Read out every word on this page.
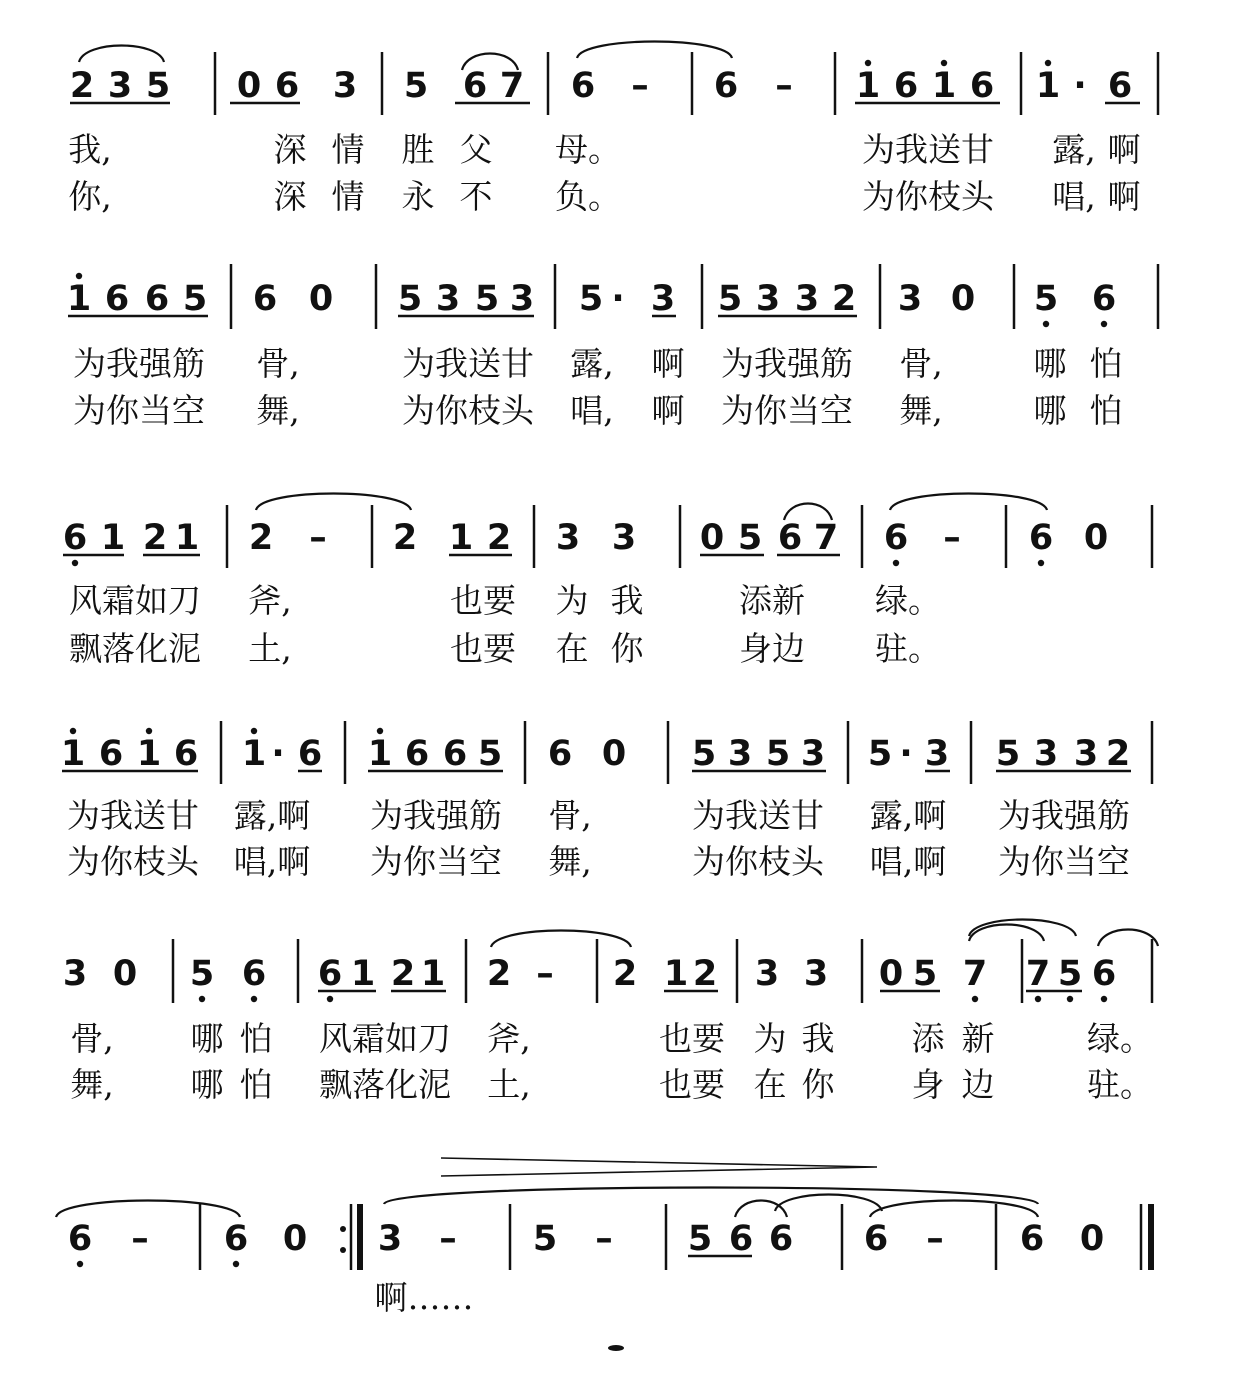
2 3 5 0 6 3 5 6 7 6 – 6 – 1 6 1 6 1 · 6
我,	深 情 胜 父 母。	为我送甘 露, 啊
你,	深 情 永 不 负。	为你枝头 唱, 啊
1 6 6 5 6 0 5 3 5 3 5 · 3 5 3 3 2 3 0 5 6
为我强筋 骨,	为我送甘 露, 啊 为我强筋 骨,	哪 怕
为你当空 舞,	为你枝头 唱, 啊 为你当空 舞,	哪 怕
6 1 2 1 2 – 2 1 2 3 3 0 5 6 7 6 – 6 0
风霜如刀 斧,	也要 为 我	添新 绿。
飘落化泥 土,	也要 在 你	身边 驻。
1 6 1 6 1 · 6 1 6 6 5 6 0 5 3 5 3 5 · 3 5 3 3 2
为我送甘 露,啊 为我强筋 骨,	为我送甘 露,啊 为我强筋
为你枝头 唱,啊 为你当空 舞,	为你枝头 唱,啊 为你当空
3 0 5 6 6 1 2 1 2 – 2 1 2 3 3 0 5 7 7 5 6
骨, 哪 怕 风霜如刀 斧,	也要 为 我 添 新	绿。
舞, 哪 怕 飘落化泥 土,	也要 在 你 身 边	驻。
6 – 6 0 3 – 5 – 5 6 6 6 – 6 0
啊……
